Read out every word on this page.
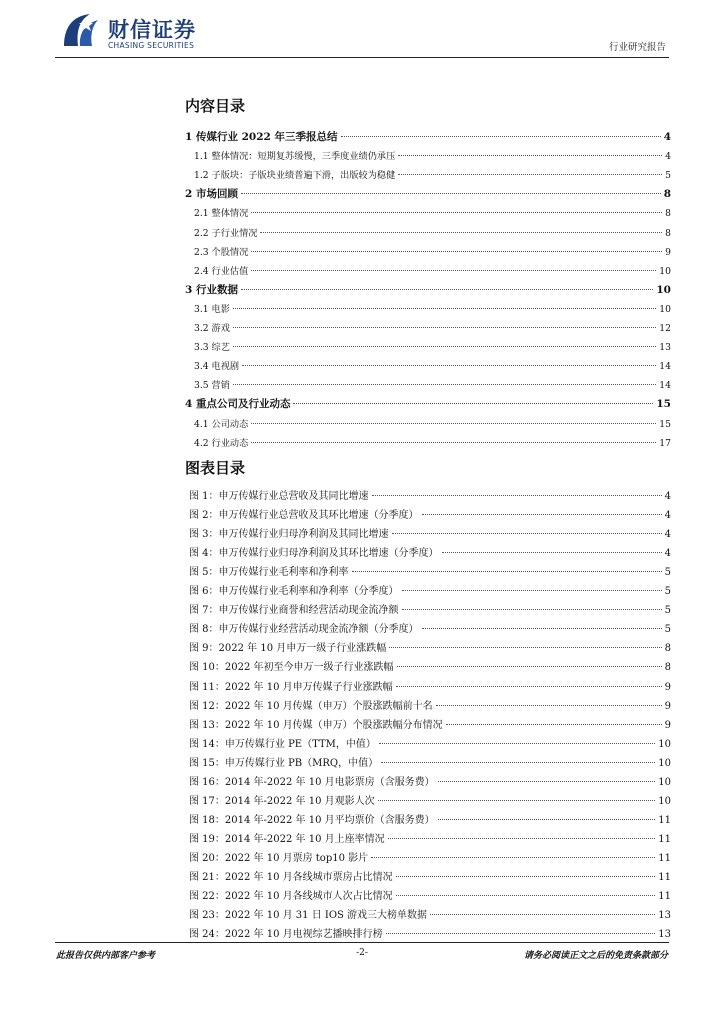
财信证券
CHASING SECURITIES	行业研究报告
内容目录
1 传媒行业 2022 年三季报总结	4
1.1 整体情况：短期复苏缓慢，三季度业绩仍承压	4
1.2 子版块：子版块业绩普遍下滑，出版较为稳健	5
2 市场回顾	8
2.1 整体情况	8
2.2 子行业情况	8
2.3 个股情况	9
2.4 行业估值	10
3 行业数据	10
3.1 电影	10
3.2 游戏	12
3.3 综艺	13
3.4 电视剧	14
3.5 营销	14
4 重点公司及行业动态	15
4.1 公司动态	15
4.2 行业动态	17
图表目录
图 1：申万传媒行业总营收及其同比增速	4
图 2：申万传媒行业总营收及其环比增速（分季度）	4
图 3：申万传媒行业归母净利润及其同比增速	4
图 4：申万传媒行业归母净利润及其环比增速（分季度）	4
图 5：申万传媒行业毛利率和净利率	5
图 6：申万传媒行业毛利率和净利率（分季度）	5
图 7：申万传媒行业商誉和经营活动现金流净额	5
图 8：申万传媒行业经营活动现金流净额（分季度）	5
图 9：2022 年 10 月申万一级子行业涨跌幅	8
图 10：2022 年初至今申万一级子行业涨跌幅	8
图 11：2022 年 10 月申万传媒子行业涨跌幅	9
图 12：2022 年 10 月传媒（申万）个股涨跌幅前十名	9
图 13：2022 年 10 月传媒（申万）个股涨跌幅分布情况	9
图 14：申万传媒行业 PE（TTM，中值）	10
图 15：申万传媒行业 PB（MRQ，中值）	10
图 16：2014 年-2022 年 10 月电影票房（含服务费）	10
图 17：2014 年-2022 年 10 月观影人次	10
图 18：2014 年-2022 年 10 月平均票价（含服务费）	11
图 19：2014 年-2022 年 10 月上座率情况	11
图 20：2022 年 10 月票房 top10 影片	11
图 21：2022 年 10 月各线城市票房占比情况	11
图 22：2022 年 10 月各线城市人次占比情况	11
图 23：2022 年 10 月 31 日 IOS 游戏三大榜单数据	13
图 24：2022 年 10 月电视综艺播映排行榜	13
此报告仅供内部客户参考	-2-	请务必阅读正文之后的免责条款部分
